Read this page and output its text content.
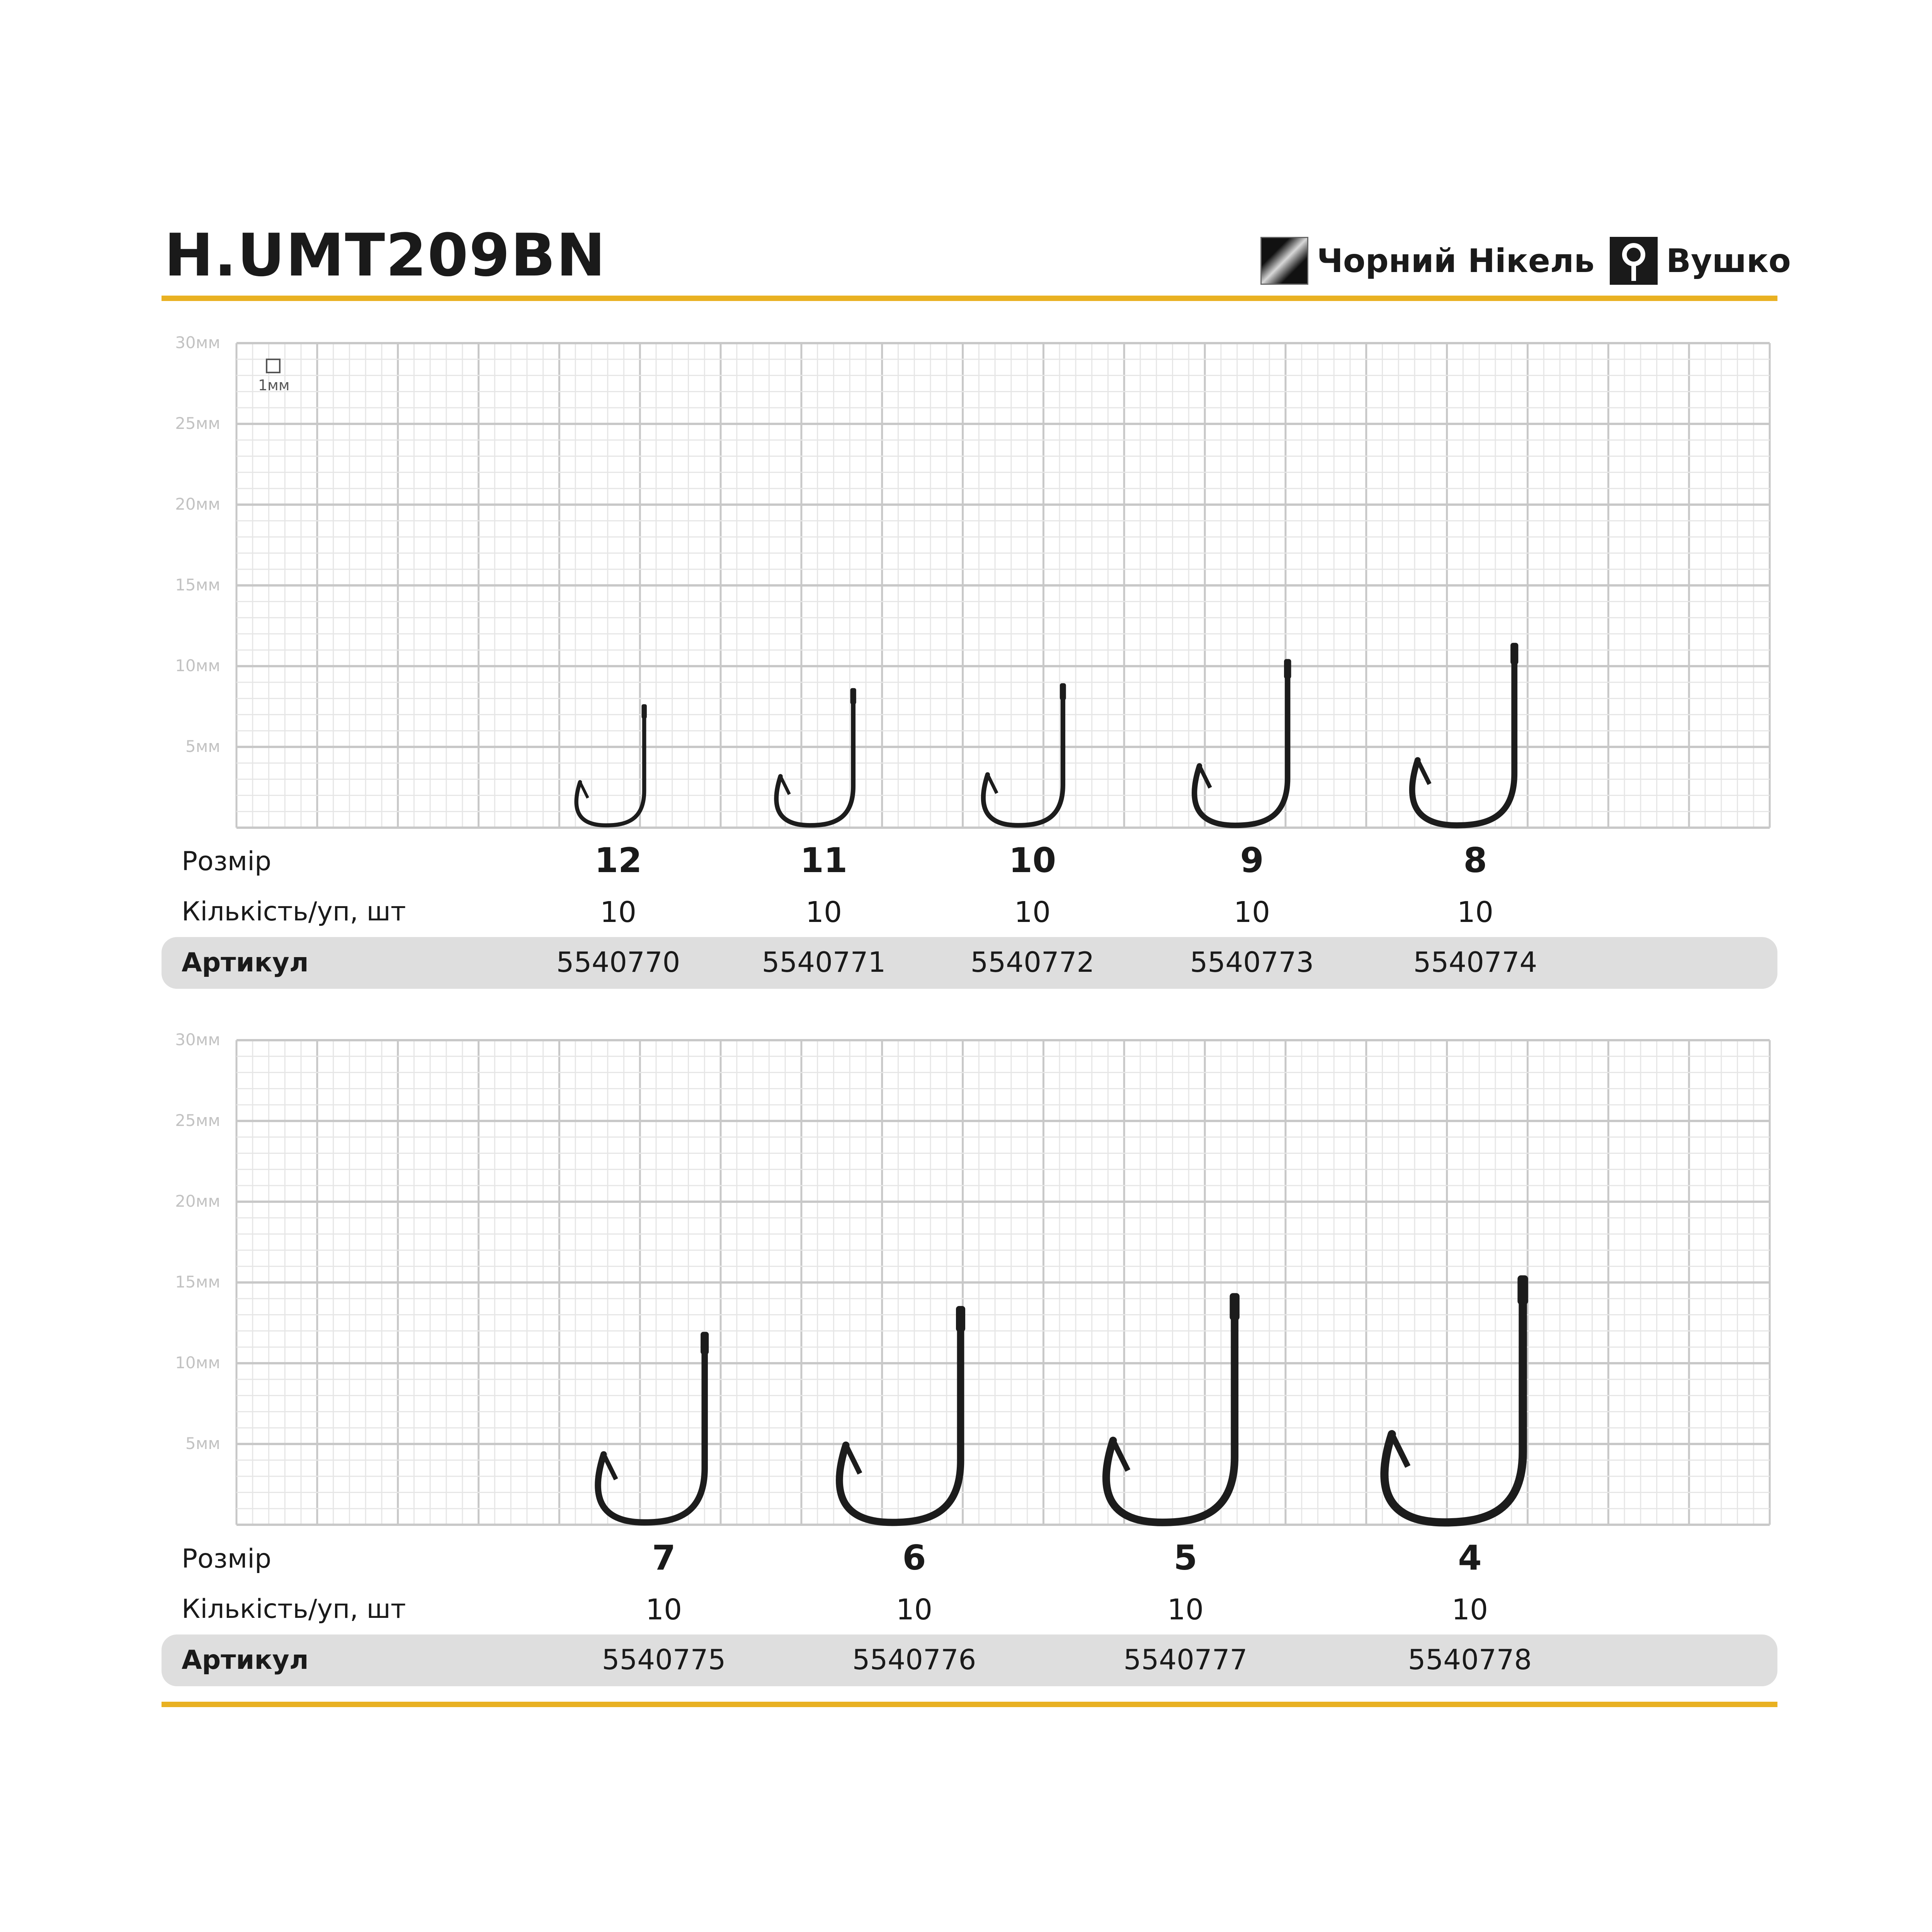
H.UMT209BN	Чорний Нікель Вушко
30мм
25мм
20мм
15мм
10мм
5мм
30мм
25мм
20мм
15мм
10мм
5мм
1мм
Розмір
Кількість/уп, шт
Артикул
Розмір
Кількість/уп, шт
Артикул
12
10
5540770
11
10
5540771
10
10
5540772
9
10
5540773
8
10
5540774
7
10
5540775
6
10
5540776
5
10
5540777
4
10
5540778
